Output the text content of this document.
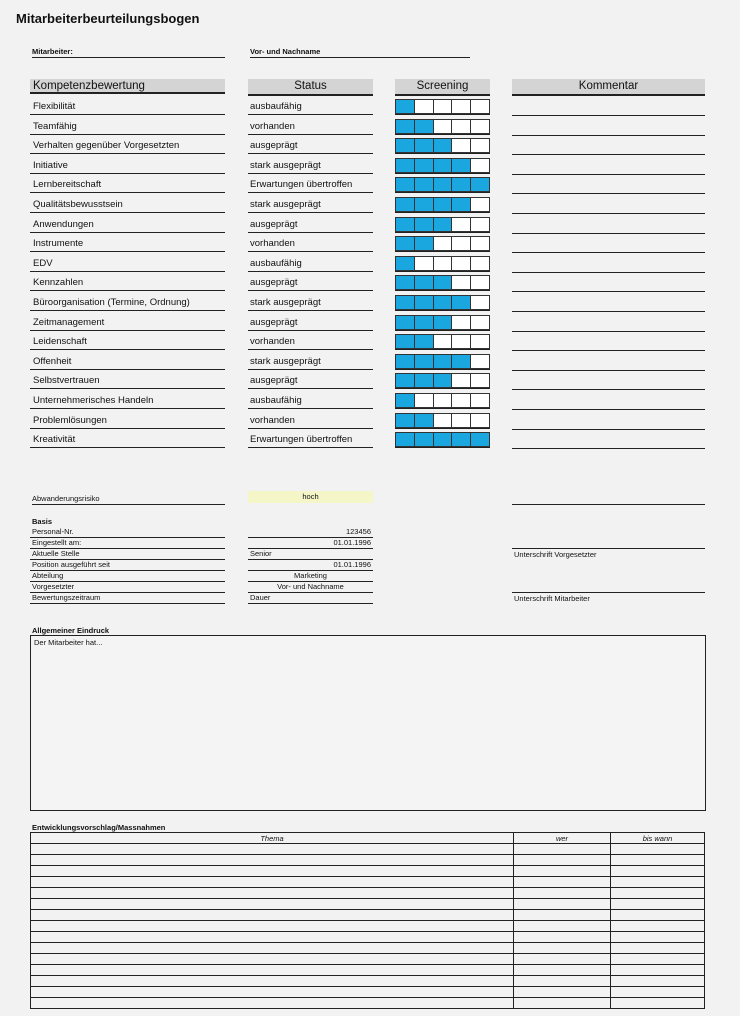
Mitarbeiterbeurteilungsbogen
Mitarbeiter:	Vor- und Nachname
Kompetenzbewertung	Status	Screening	Kommentar
Flexibilität	ausbaufähig
Teamfähig	vorhanden
Verhalten gegenüber Vorgesetzten	ausgeprägt
Initiative	stark ausgeprägt
Lernbereitschaft	Erwartungen übertroffen
Qualitätsbewusstsein	stark ausgeprägt
Anwendungen	ausgeprägt
Instrumente	vorhanden
EDV	ausbaufähig
Kennzahlen	ausgeprägt
Büroorganisation (Termine, Ordnung)	stark ausgeprägt
Zeitmanagement	ausgeprägt
Leidenschaft	vorhanden
Offenheit	stark ausgeprägt
Selbstvertrauen	ausgeprägt
Unternehmerisches Handeln	ausbaufähig
Problemlösungen	vorhanden
Kreativität	Erwartungen übertroffen
Abwanderungsrisiko	hoch
Basis
Personal-Nr.	123456
Eingestellt am:	01.01.1996
Aktuelle Stelle	Senior
Position ausgeführt seit	01.01.1996
Abteilung	Marketing
Vorgesetzter	Vor- und Nachname
Bewertungszeitraum	Dauer
Unterschrift Vorgesetzter
Unterschrift Mitarbeiter
Allgemeiner Eindruck
Der Mitarbeiter hat...
Entwicklungsvorschlag/Massnahmen
Thema	wer	bis wann
